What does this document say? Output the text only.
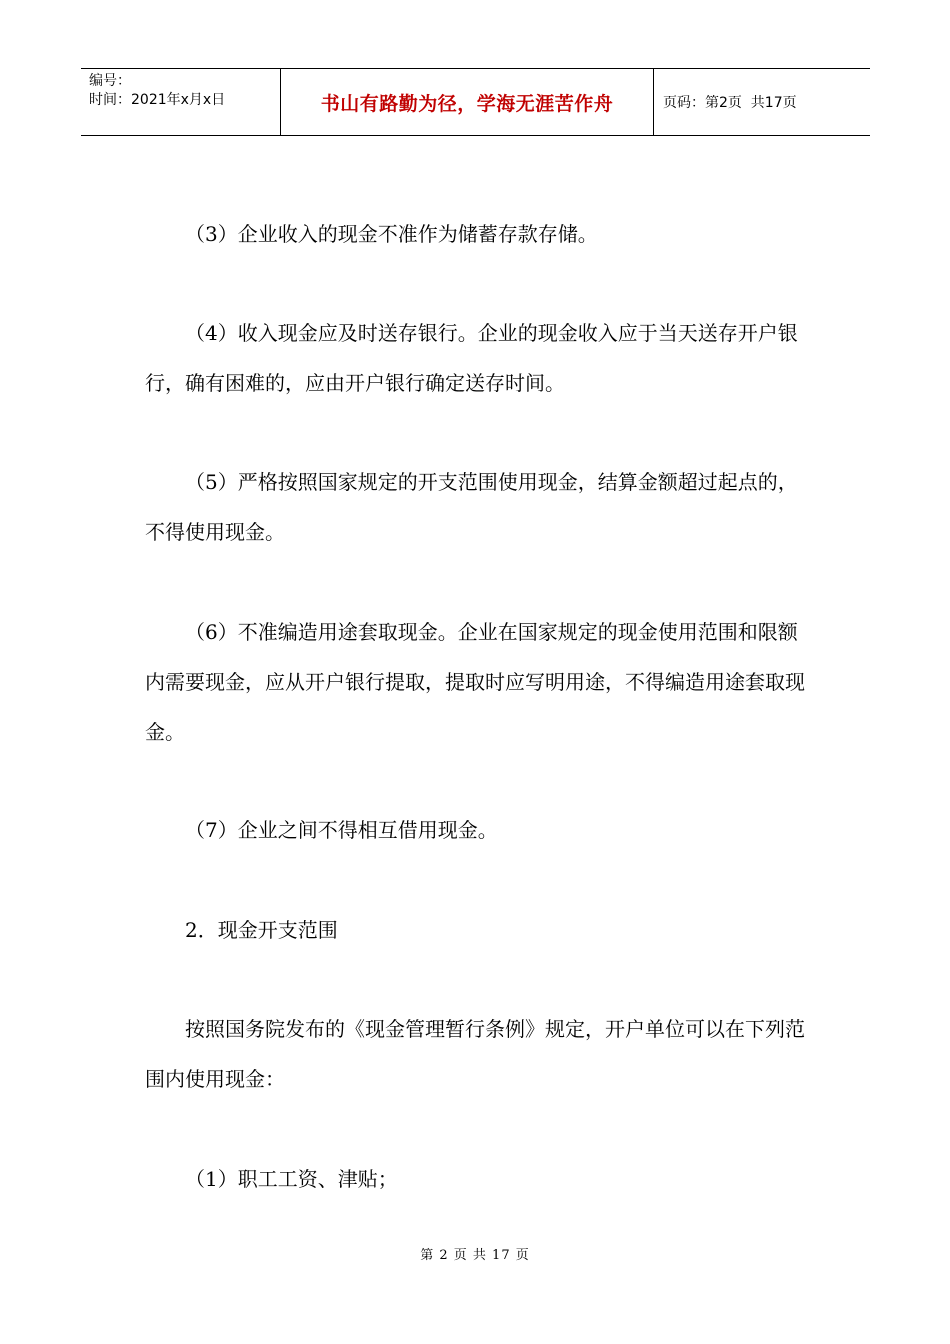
编号：
时间：2021年x月x日	书山有路勤为径，学海无涯苦作舟	页码：第2页  共17页

（3）企业收入的现金不准作为储蓄存款存储。

（4）收入现金应及时送存银行。企业的现金收入应于当天送存开户银行，确有困难的，应由开户银行确定送存时间。

（5）严格按照国家规定的开支范围使用现金，结算金额超过起点的，不得使用现金。

（6）不准编造用途套取现金。企业在国家规定的现金使用范围和限额内需要现金，应从开户银行提取，提取时应写明用途，不得编造用途套取现金。

（7）企业之间不得相互借用现金。

2．现金开支范围

按照国务院发布的《现金管理暂行条例》规定，开户单位可以在下列范围内使用现金：

（1）职工工资、津贴；

第 2 页 共 17 页
